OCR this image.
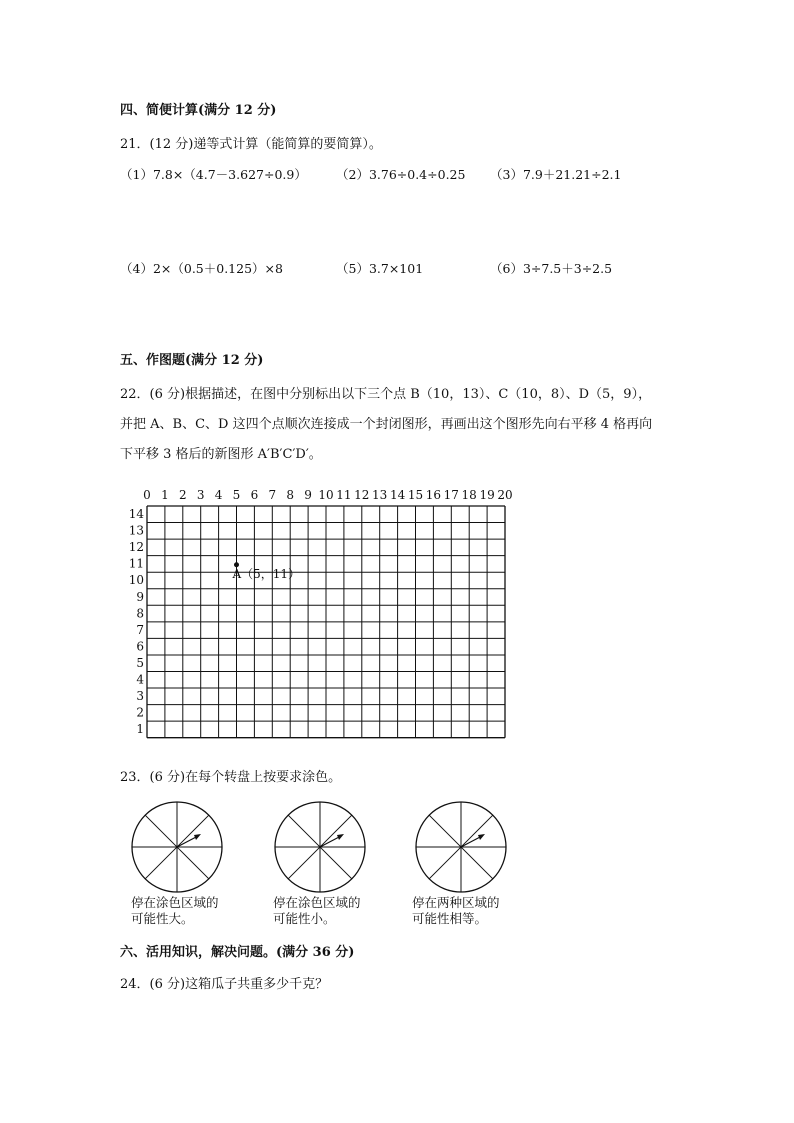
四、简便计算(满分 12 分)
21．(12 分)递等式计算（能简算的要简算）。
（1）7.8×（4.7－3.627÷0.9） （2）3.76÷0.4÷0.25 （3）7.9＋21.21÷2.1
（4）2×（0.5＋0.125）×8	（5）3.7×101	（6）3÷7.5＋3÷2.5
五、作图题(满分 12 分)
22．(6 分)根据描述，在图中分别标出以下三个点 B（10，13）、C（10，8）、D（5，9），
并把 A、B、C、D 这四个点顺次连接成一个封闭图形，再画出这个图形先向右平移 4 格再向
下平移 3 格后的新图形 A′B′C′D′。
0 1 2 3 4 5 6 7 8 9 10 11 12 13 14 15 16 17 18 19 20
14
13
12
11
10
9
8
7
6
5
4
3
2
1
A（5，11）
23．(6 分)在每个转盘上按要求涂色。
停在涂色区域的
可能性大。
停在涂色区域的
可能性小。
停在两种区域的
可能性相等。
六、活用知识，解决问题。(满分 36 分)
24．(6 分)这箱瓜子共重多少千克？
